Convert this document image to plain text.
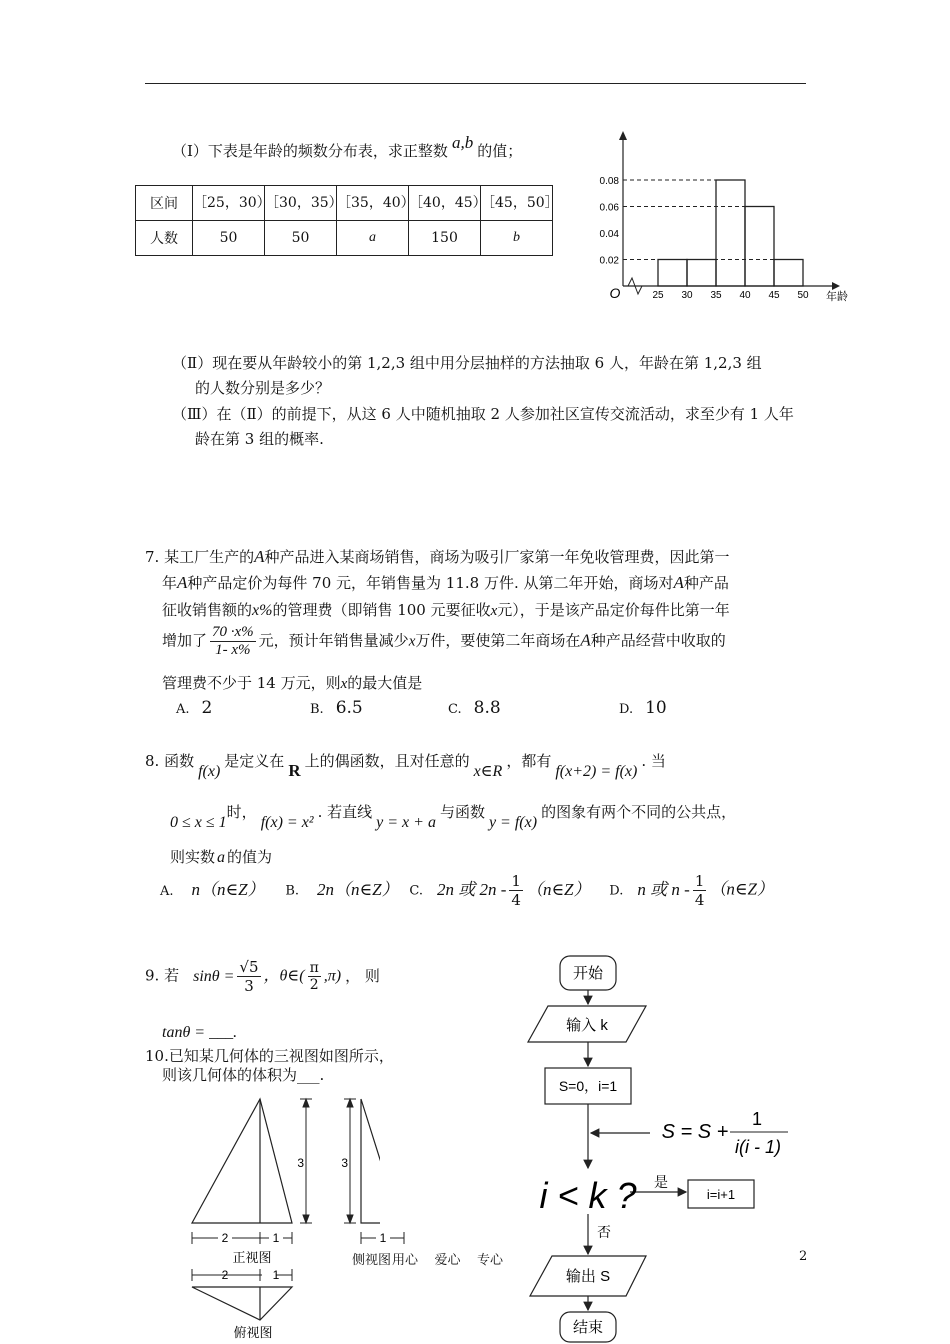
（Ⅰ）下表是年龄的频数分布表，求正整数 a,b 的值；
区间	［25，30）	［30，35）	［35，40）	［40，45）	［45，50］
人数	50	50	a	150	b
O
0.02
0.04
0.06
0.08
25 30 35 40 45 50 年龄
（Ⅱ）现在要从年龄较小的第 1,2,3 组中用分层抽样的方法抽取 6 人，年龄在第 1,2,3 组
的人数分别是多少？
（Ⅲ）在（Ⅱ）的前提下，从这 6 人中随机抽取 2 人参加社区宣传交流活动，求至少有 1 人年
龄在第 3 组的概率.
7. 某工厂生产的A种产品进入某商场销售，商场为吸引厂家第一年免收管理费，因此第一
年A种产品定价为每件 70 元，年销售量为 11.8 万件. 从第二年开始，商场对A种产品
征收销售额的x%的管理费（即销售 100 元要征收x元），于是该产品定价每件比第一年
增加了 $\frac{70 \cdot x\%}{1- x\%}$ 元，预计年销售量减少x万件，要使第二年商场在A种产品经营中收取的
管理费不少于 14 万元，则x的最大值是
A. 2	B. 6.5	C. 8.8	D. 10
8. 函数f(x)是定义在 R 上的偶函数，且对任意的x∈R，都有f(x+2) = f(x). 当
0 ≤ x ≤ 1时，f(x) = x². 若直线y = x + a与函数y = f(x)的图象有两个不同的公共点，
则实数 a 的值为
A. n（n∈Z） B. 2n（n∈Z） C. 2n 或 $2n - \frac{1}{4}$ （n∈Z） D. n 或 n - $\frac{1}{4}$ （n∈Z）
9. 若 $\sin\theta = \frac{√5}{3}$ ，θ∈( $\frac{\pi}{2} ,\pi$) ， 则
tanθ = ___.
10.已知某几何体的三视图如图所示，
则该几何体的体积为___.
3
2	1
正视图
3
2	1
俯视图
1
侧视图
开始
输入 k
S=0，i=1
S = S +
1
i(i - 1)
i < k ? 是
i=i+1
否
输出 S
结束
用心    爱心    专心	2
